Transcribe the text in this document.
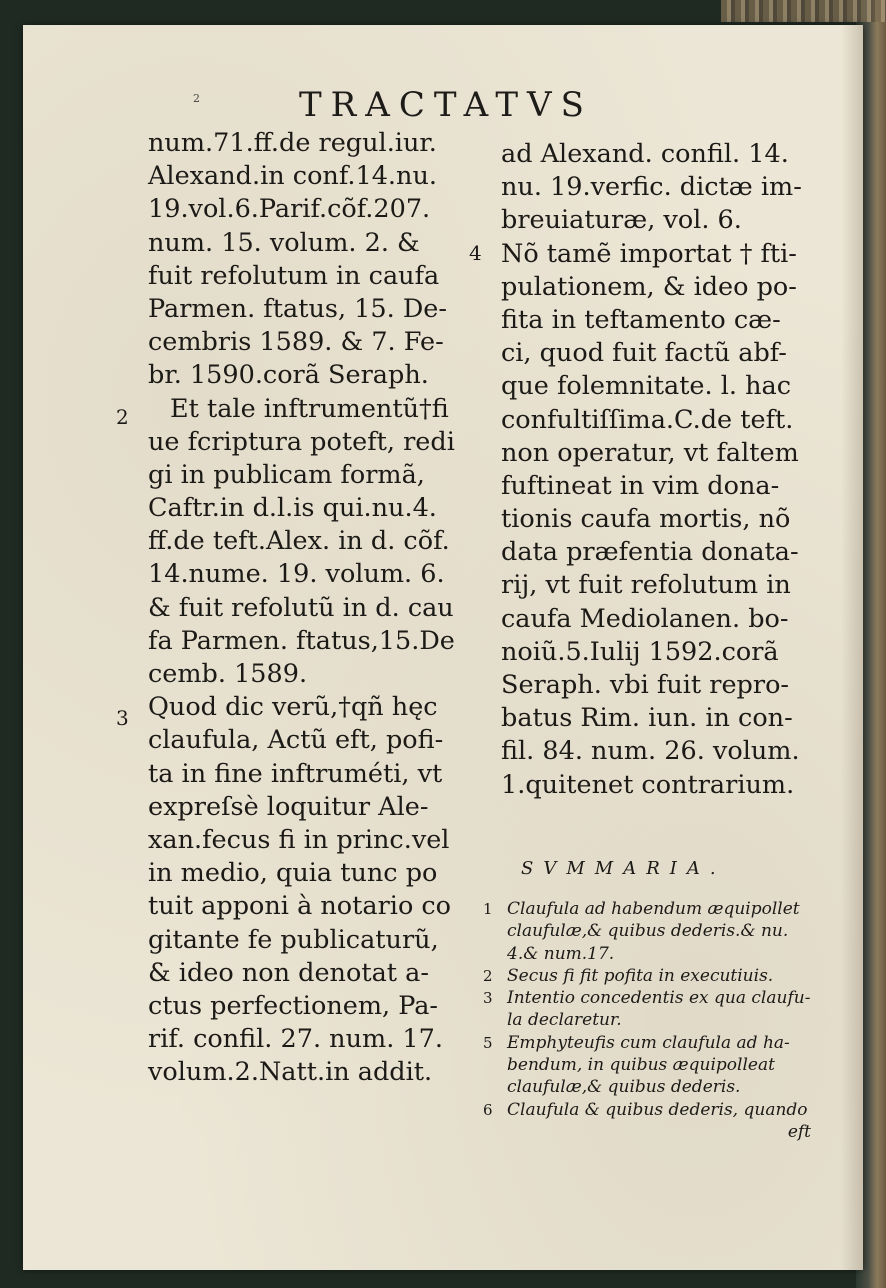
2	TRACTATVS
num.71.ff.de regul.iur.
Alexand.in conf.14.nu.
19.vol.6.Parif.cõf.207.
num. 15. volum. 2. &
fuit refolutum in caufa
Parmen. ftatus, 15. De-
cembris 1589. & 7. Fe-
br. 1590.corã Seraph.
Et tale inftrumentũ†fi
ue fcriptura poteft, redi
gi in publicam formã,
Caftr.in d.l.is qui.nu.4.
ff.de teft.Alex. in d. cõf.
14.nume. 19. volum. 6.
& fuit refolutũ in d. cau
fa Parmen. ftatus,15.De
cemb. 1589.
Quod dic verũ,†qñ hęc
claufula, Actũ eft, pofi-
ta in fine inftruméti, vt
expreſsè loquitur Ale-
xan.fecus fi in princ.vel
in medio, quia tunc po
tuit apponi à notario co
gitante fe publicaturũ,
& ideo non denotat a-
ctus perfectionem, Pa-
rif. confil. 27. num. 17.
volum.2.Natt.in addit.
2
3
4
ad Alexand. confil. 14.
nu. 19.verfic. dictæ im-
breuiaturæ, vol. 6.
Nõ tamẽ importat † fti-
pulationem, & ideo po-
fita in teftamento cæ-
ci, quod fuit factũ abf-
que folemnitate. l. hac
confultiſſima.C.de teft.
non operatur, vt faltem
fuftineat in vim dona-
tionis caufa mortis, nõ
data præfentia donata-
rij, vt fuit refolutum in
caufa Mediolanen. bo-
noiũ.5.Iulij 1592.corã
Seraph. vbi fuit repro-
batus Rim. iun. in con-
fil. 84. num. 26. volum.
1.quitenet contrarium.
SVMMARIA.
1 Claufula ad habendum æquipollet
claufulæ,& quibus dederis.& nu.
4.& num.17.
2 Secus fi fit pofita in executiuis.
3 Intentio concedentis ex qua claufu-
la declaretur.
5 Emphyteufis cum claufula ad ha-
bendum, in quibus æquipolleat
claufulæ,& quibus dederis.
6 Claufula & quibus dederis, quando
eft
